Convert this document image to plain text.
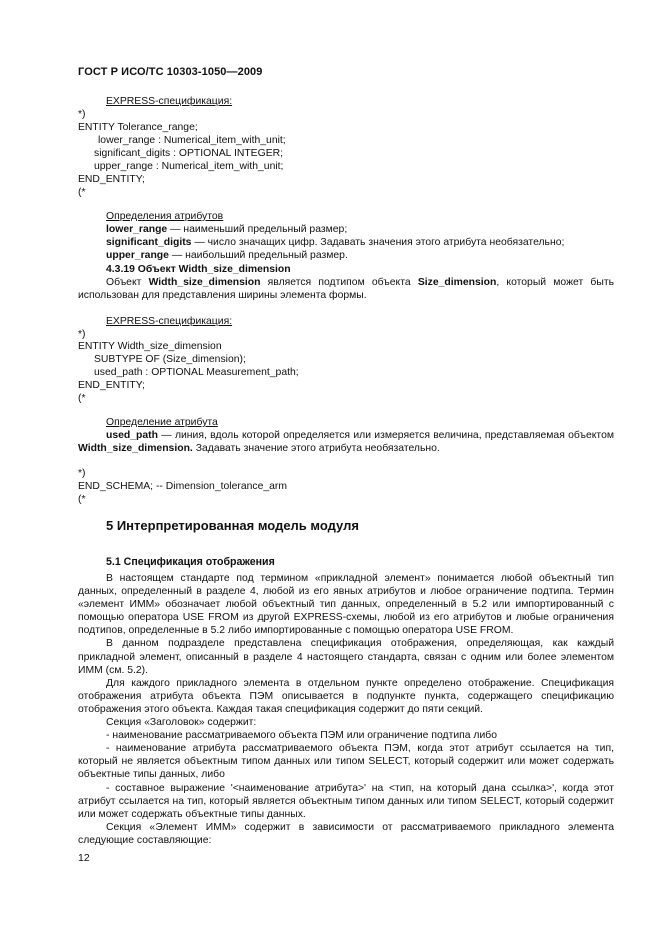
ГОСТ Р ИСО/ТС 10303-1050—2009
EXPRESS-спецификация:
*)
ENTITY Tolerance_range;
lower_range : Numerical_item_with_unit;
significant_digits : OPTIONAL INTEGER;
upper_range : Numerical_item_with_unit;
END_ENTITY;
(*
Определения атрибутов
lower_range — наименьший предельный размер;
significant_digits — число значащих цифр. Задавать значения этого атрибута необязательно;
upper_range — наибольший предельный размер.
4.3.19 Объект Width_size_dimension

Объект Width_size_dimension является подтипом объекта Size_dimension, который может быть использован для представления ширины элемента формы.

EXPRESS-спецификация:
*)
ENTITY Width_size_dimension
SUBTYPE OF (Size_dimension);
used_path : OPTIONAL Measurement_path;
END_ENTITY;
(*
Определение атрибута

used_path — линия, вдоль которой определяется или измеряется величина, представляемая объектом Width_size_dimension. Задавать значение этого атрибута необязательно.

*)
END_SCHEMA; -- Dimension_tolerance_arm
(*
5 Интерпретированная модель модуля
5.1 Спецификация отображения

В настоящем стандарте под термином «прикладной элемент» понимается любой объектный тип данных, определенный в разделе 4, любой из его явных атрибутов и любое ограничение подтипа. Термин «элемент ИММ» обозначает любой объектный тип данных, определенный в 5.2 или импортированный с помощью оператора USE FROM из другой EXPRESS-схемы, любой из его атрибутов и любые ограничения подтипов, определенные в 5.2 либо импортированные с помощью оператора USE FROM.

В данном подразделе представлена спецификация отображения, определяющая, как каждый прикладной элемент, описанный в разделе 4 настоящего стандарта, связан с одним или более элементом ИММ (см. 5.2).

Для каждого прикладного элемента в отдельном пункте определено отображение. Спецификация отображения атрибута объекта ПЭМ описывается в подпункте пункта, содержащего спецификацию отображения этого объекта. Каждая такая спецификация содержит до пяти секций.

Секция «Заголовок» содержит:

- наименование рассматриваемого объекта ПЭМ или ограничение подтипа либо

- наименование атрибута рассматриваемого объекта ПЭМ, когда этот атрибут ссылается на тип, который не является объектным типом данных или типом SELECT, который содержит или может содержать объектные типы данных, либо

- составное выражение '<наименование атрибута>' на <тип, на который дана ссылка>', когда этот атрибут ссылается на тип, который является объектным типом данных или типом SELECT, который содержит или может содержать объектные типы данных.

Секция «Элемент ИММ» содержит в зависимости от рассматриваемого прикладного элемента следующие составляющие:

12
